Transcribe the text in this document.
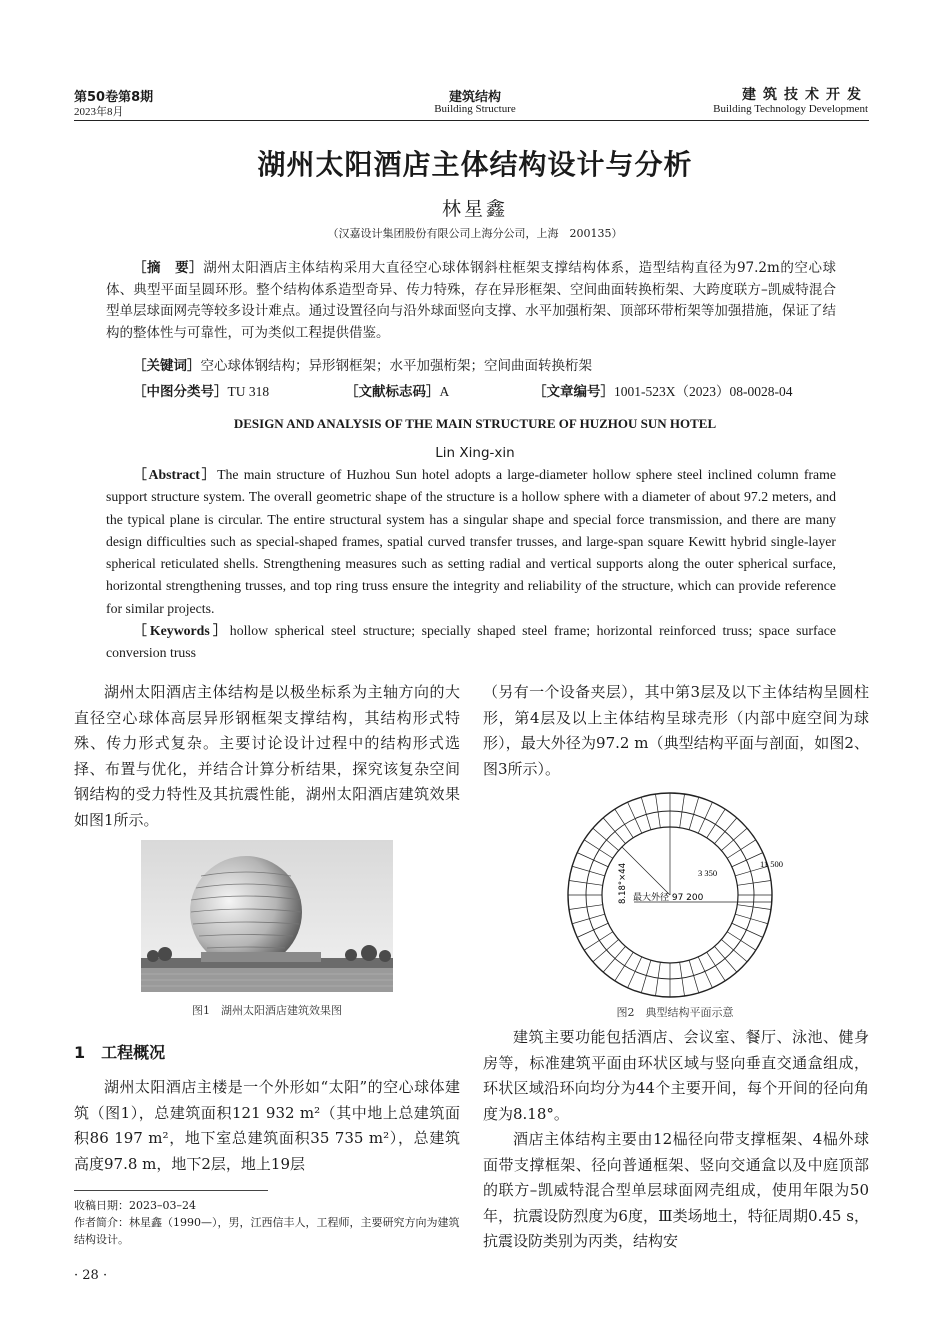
第50卷第8期
2023年8月
建筑结构
Building Structure
建筑技术开发
Building Technology Development
湖州太阳酒店主体结构设计与分析
林星鑫
（汉嘉设计集团股份有限公司上海分公司，上海　200135）
［摘　要］湖州太阳酒店主体结构采用大直径空心球体钢斜柱框架支撑结构体系，造型结构直径为97.2m的空心球体、典型平面呈圆环形。整个结构体系造型奇异、传力特殊，存在异形框架、空间曲面转换桁架、大跨度联方–凯威特混合型单层球面网壳等较多设计难点。通过设置径向与沿外球面竖向支撑、水平加强桁架、顶部环带桁架等加强措施，保证了结构的整体性与可靠性，可为类似工程提供借鉴。
［关键词］空心球体钢结构；异形钢框架；水平加强桁架；空间曲面转换桁架
［中图分类号］TU 318	［文献标志码］A	［文章编号］1001-523X（2023）08-0028-04
DESIGN AND ANALYSIS OF THE MAIN STRUCTURE OF HUZHOU SUN HOTEL
Lin Xing-xin
［Abstract］The main structure of Huzhou Sun hotel adopts a large-diameter hollow sphere steel inclined column frame support structure system. The overall geometric shape of the structure is a hollow sphere with a diameter of about 97.2 meters, and the typical plane is circular. The entire structural system has a singular shape and special force transmission, and there are many design difficulties such as special-shaped frames, spatial curved transfer trusses, and large-span square Kewitt hybrid single-layer spherical reticulated shells. Strengthening measures such as setting radial and vertical supports along the outer spherical surface, horizontal strengthening trusses, and top ring truss ensure the integrity and reliability of the structure, which can provide reference for similar projects.
［Keywords］hollow spherical steel structure; specially shaped steel frame; horizontal reinforced truss; space surface conversion truss
湖州太阳酒店主体结构是以极坐标系为主轴方向的大直径空心球体高层异形钢框架支撑结构，其结构形式特殊、传力形式复杂。主要讨论设计过程中的结构形式选择、布置与优化，并结合计算分析结果，探究该复杂空间钢结构的受力特性及其抗震性能，湖州太阳酒店建筑效果如图1所示。
图1　湖州太阳酒店建筑效果图
1　工程概况
湖州太阳酒店主楼是一个外形如“太阳”的空心球体建筑（图1），总建筑面积121 932 m²（其中地上总建筑面积86 197 m²，地下室总建筑面积35 735 m²），总建筑高度97.8 m，地下2层，地上19层
收稿日期：2023–03–24
作者简介：林星鑫（1990—），男，江西信丰人，工程师，主要研究方向为建筑结构设计。
· 28 ·
（另有一个设备夹层），其中第3层及以下主体结构呈圆柱形，第4层及以上主体结构呈球壳形（内部中庭空间为球形），最大外径为97.2 m（典型结构平面与剖面，如图2、图3所示）。
8.18°×44	3 350
11 500
最大外径 97 200
图2　典型结构平面示意
建筑主要功能包括酒店、会议室、餐厅、泳池、健身房等，标准建筑平面由环状区域与竖向垂直交通盒组成，环状区域沿环向均分为44个主要开间，每个开间的径向角度为8.18°。
酒店主体结构主要由12榀径向带支撑框架、4榀外球面带支撑框架、径向普通框架、竖向交通盒以及中庭顶部的联方–凯威特混合型单层球面网壳组成，使用年限为50年，抗震设防烈度为6度，Ⅲ类场地土，特征周期0.45 s，抗震设防类别为丙类，结构安
